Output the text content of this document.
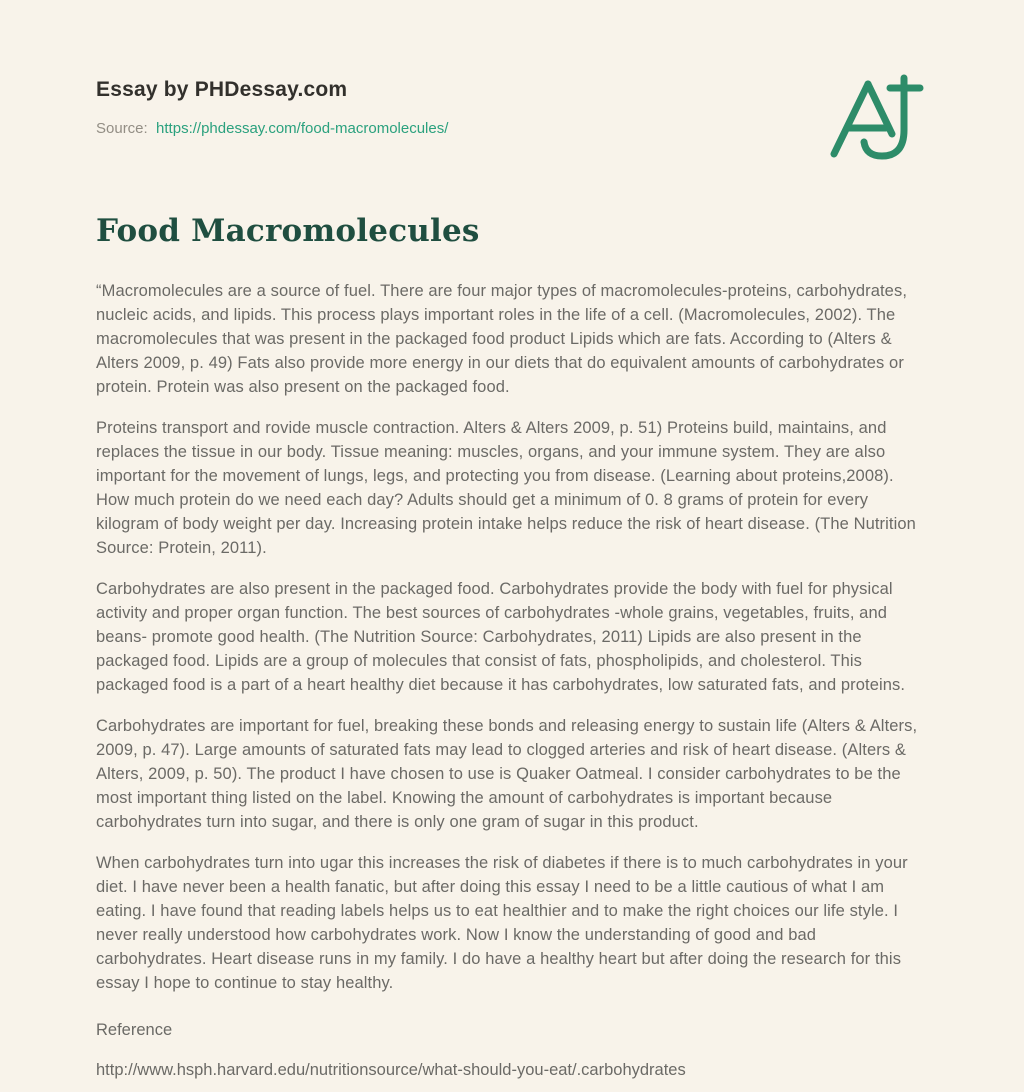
Essay by PHDessay.com
Source: https://phdessay.com/food-macromolecules/
Food Macromolecules

“Macromolecules are a source of fuel. There are four major types of macromolecules-proteins, carbohydrates, nucleic acids, and lipids. This process plays important roles in the life of a cell. (Macromolecules, 2002). The macromolecules that was present in the packaged food product Lipids which are fats. According to (Alters & Alters 2009, p. 49) Fats also provide more energy in our diets that do equivalent amounts of carbohydrates or protein. Protein was also present on the packaged food.

Proteins transport and rovide muscle contraction. Alters & Alters 2009, p. 51) Proteins build, maintains, and replaces the tissue in our body. Tissue meaning: muscles, organs, and your immune system. They are also important for the movement of lungs, legs, and protecting you from disease. (Learning about proteins,2008). How much protein do we need each day? Adults should get a minimum of 0. 8 grams of protein for every kilogram of body weight per day. Increasing protein intake helps reduce the risk of heart disease. (The Nutrition Source: Protein, 2011).

Carbohydrates are also present in the packaged food. Carbohydrates provide the body with fuel for physical activity and proper organ function. The best sources of carbohydrates -whole grains, vegetables, fruits, and beans- promote good health. (The Nutrition Source: Carbohydrates, 2011) Lipids are also present in the packaged food. Lipids are a group of molecules that consist of fats, phospholipids, and cholesterol. This packaged food is a part of a heart healthy diet because it has carbohydrates, low saturated fats, and proteins.

Carbohydrates are important for fuel, breaking these bonds and releasing energy to sustain life (Alters & Alters, 2009, p. 47). Large amounts of saturated fats may lead to clogged arteries and risk of heart disease. (Alters & Alters, 2009, p. 50). The product I have chosen to use is Quaker Oatmeal. I consider carbohydrates to be the most important thing listed on the label. Knowing the amount of carbohydrates is important because carbohydrates turn into sugar, and there is only one gram of sugar in this product.

When carbohydrates turn into ugar this increases the risk of diabetes if there is to much carbohydrates in your diet. I have never been a health fanatic, but after doing this essay I need to be a little cautious of what I am eating. I have found that reading labels helps us to eat healthier and to make the right choices our life style. I never really understood how carbohydrates work. Now I know the understanding of good and bad carbohydrates. Heart disease runs in my family. I do have a healthy heart but after doing the research for this essay I hope to continue to stay healthy.

Reference
http://www.hsph.harvard.edu/nutritionsource/what-should-you-eat/.carbohydrates
